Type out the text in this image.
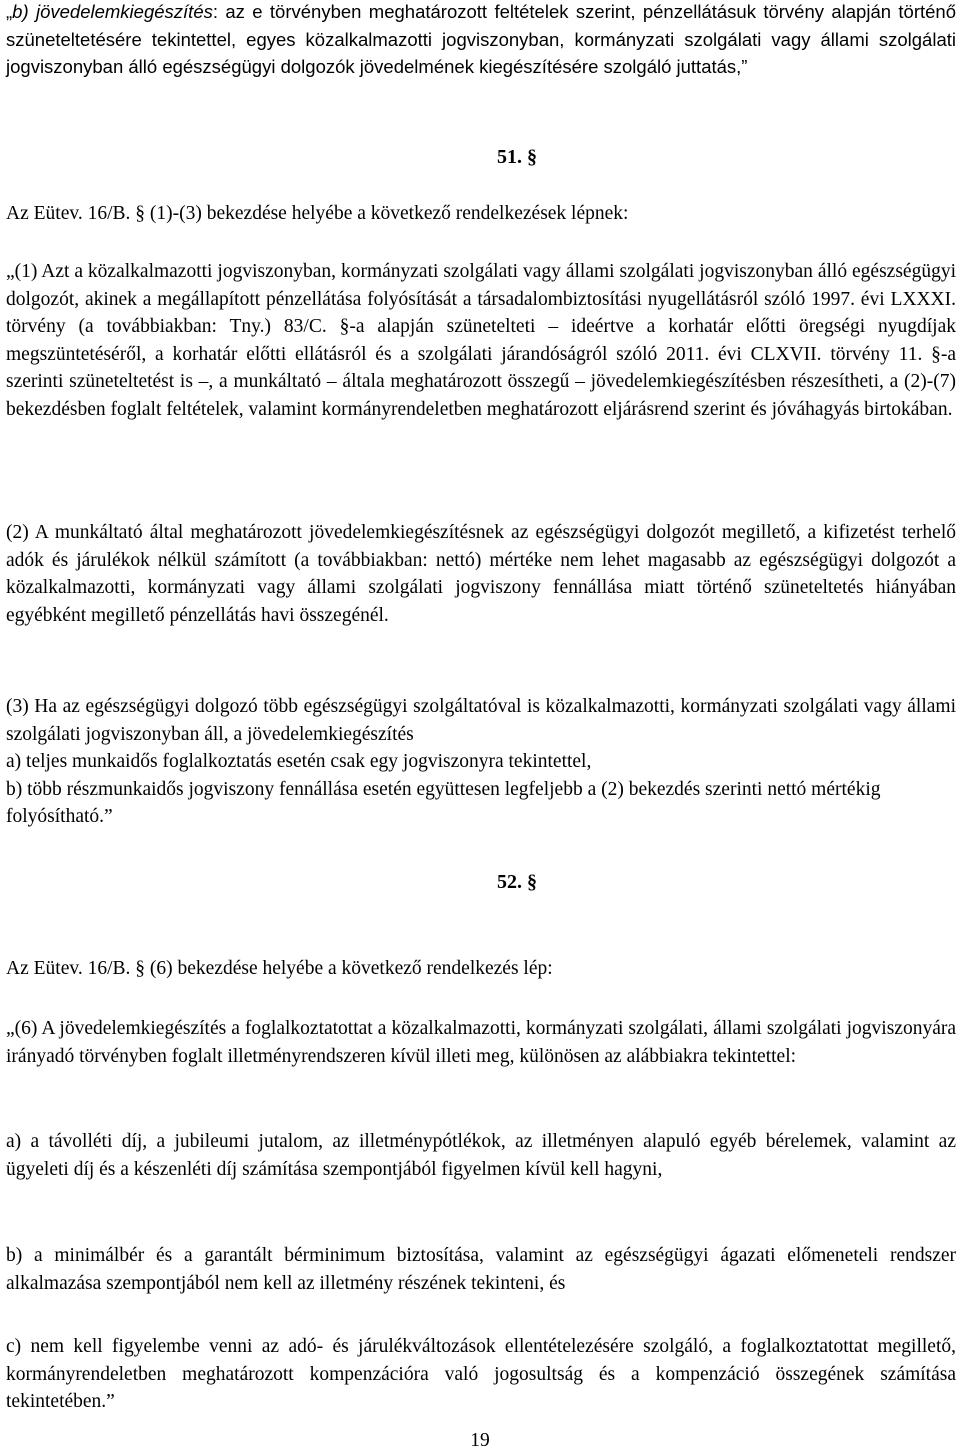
„b) jövedelemkiegészítés: az e törvényben meghatározott feltételek szerint, pénzellátásuk törvény alapján történő szüneteltetésére tekintettel, egyes közalkalmazotti jogviszonyban, kormányzati szolgálati vagy állami szolgálati jogviszonyban álló egészségügyi dolgozók jövedelmének kiegészítésére szolgáló juttatás,”

51. §

Az Eütev. 16/B. § (1)-(3) bekezdése helyébe a következő rendelkezések lépnek:

„(1) Azt a közalkalmazotti jogviszonyban, kormányzati szolgálati vagy állami szolgálati jogviszonyban álló egészségügyi dolgozót, akinek a megállapított pénzellátása folyósítását a társadalombiztosítási nyugellátásról szóló 1997. évi LXXXI. törvény (a továbbiakban: Tny.) 83/C. §-a alapján szünetelteti – ideértve a korhatár előtti öregségi nyugdíjak megszüntetéséről, a korhatár előtti ellátásról és a szolgálati járandóságról szóló 2011. évi CLXVII. törvény 11. §-a szerinti szüneteltetést is –, a munkáltató – általa meghatározott összegű – jövedelemkiegészítésben részesítheti, a (2)-(7) bekezdésben foglalt feltételek, valamint kormányrendeletben meghatározott eljárásrend szerint és jóváhagyás birtokában.

(2) A munkáltató által meghatározott jövedelemkiegészítésnek az egészségügyi dolgozót megillető, a kifizetést terhelő adók és járulékok nélkül számított (a továbbiakban: nettó) mértéke nem lehet magasabb az egészségügyi dolgozót a közalkalmazotti, kormányzati vagy állami szolgálati jogviszony fennállása miatt történő szüneteltetés hiányában egyébként megillető pénzellátás havi összegénél.

(3) Ha az egészségügyi dolgozó több egészségügyi szolgáltatóval is közalkalmazotti, kormányzati szolgálati vagy állami szolgálati jogviszonyban áll, a jövedelemkiegészítés
a) teljes munkaidős foglalkoztatás esetén csak egy jogviszonyra tekintettel,
b) több részmunkaidős jogviszony fennállása esetén együttesen legfeljebb a (2) bekezdés szerinti nettó mértékig
folyósítható.”

52. §

Az Eütev. 16/B. § (6) bekezdése helyébe a következő rendelkezés lép:

„(6) A jövedelemkiegészítés a foglalkoztatottat a közalkalmazotti, kormányzati szolgálati, állami szolgálati jogviszonyára irányadó törvényben foglalt illetményrendszeren kívül illeti meg, különösen az alábbiakra tekintettel:

a) a távolléti díj, a jubileumi jutalom, az illetménypótlékok, az illetményen alapuló egyéb bérelemek, valamint az ügyeleti díj és a készenléti díj számítása szempontjából figyelmen kívül kell hagyni,

b) a minimálbér és a garantált bérminimum biztosítása, valamint az egészségügyi ágazati előmeneteli rendszer alkalmazása szempontjából nem kell az illetmény részének tekinteni, és

c) nem kell figyelembe venni az adó- és járulékváltozások ellentételezésére szolgáló, a foglalkoztatottat megillető, kormányrendeletben meghatározott kompenzációra való jogosultság és a kompenzáció összegének számítása tekintetében.”

19
